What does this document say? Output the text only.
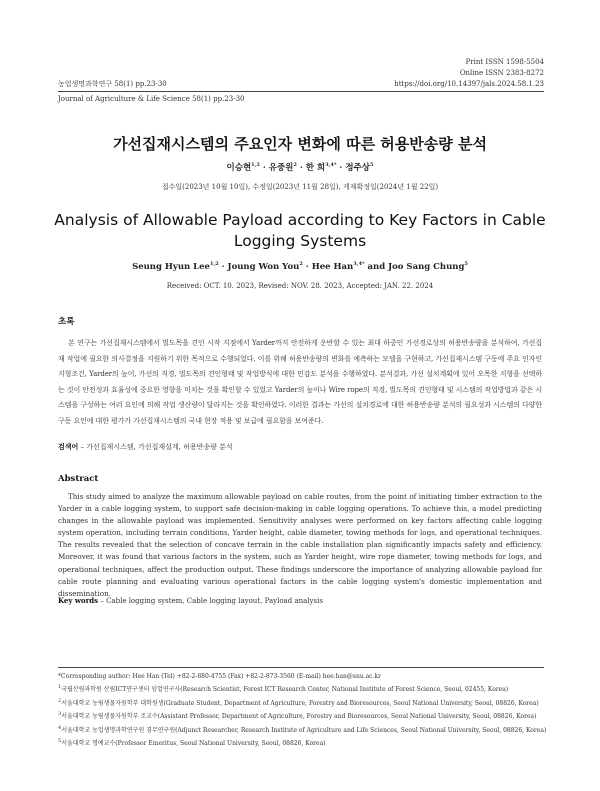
Print ISSN 1598-5504
Online ISSN 2383-8272
농업생명과학연구 58(1) pp.23-30	https://doi.org/10.14397/jals.2024.58.1.23
Journal of Agriculture & Life Science 58(1) pp.23-30
가선집재시스템의 주요인자 변화에 따른 허용반송량 분석
이승현$^{1,2}$ · 유중원$^2$ · 한 희$^{3,4*}$ · 정주상$^5$
접수일(2023년 10월 10일), 수정일(2023년 11월 28일), 게재확정일(2024년 1월 22일)
Analysis of Allowable Payload according to Key Factors in Cable Logging Systems
Seung Hyun Lee$^{1,2}$ · Joung Won You$^2$ · Hee Han$^{3,4*}$ and Joo Sang Chung$^5$
Received: OCT. 10. 2023, Revised: NOV. 28. 2023, Accepted: JAN. 22. 2024
초록
본 연구는 가선집재시스템에서 벌도목을 견인 시작 지점에서 Yarder까지 안전하게 운반할 수 있는 최대 하중인 가선경로상의 허용반송량을 분석하여, 가선집재 작업에 필요한 의사결정을 지원하기 위한 목적으로 수행되었다. 이를 위해 허용반송량의 변화를 예측하는 모델을 구현하고, 가선집재시스템 구동에 주요 인자인 지형조건, Yarder의 높이, 가선의 직경, 벌도목의 견인형태 및 작업방식에 대한 민감도 분석을 수행하였다. 분석결과, 가선 설치계획에 있어 오목한 지형을 선택하는 것이 안전성과 효율성에 중요한 영향을 미치는 것을 확인할 수 있었고 Yarder의 높이나 Wire rope의 직경, 벌도목의 견인형태 및 시스템의 작업방법과 같은 시스템을 구성하는 여러 요인에 의해 작업 생산량이 달라지는 것을 확인하였다. 이러한 결과는 가선의 설치경로에 대한 허용반송량 분석의 필요성과 시스템의 다양한 구동 요인에 대한 평가가 가선집재시스템의 국내 현장 적용 및 보급에 필요함을 보여준다.
검색어 – 가선집재시스템, 가선집재설계, 허용반송량 분석
Abstract
This study aimed to analyze the maximum allowable payload on cable routes, from the point of initiating timber extraction to the Yarder in a cable logging system, to support safe decision-making in cable logging operations. To achieve this, a model predicting changes in the allowable payload was implemented. Sensitivity analyses were performed on key factors affecting cable logging system operation, including terrain conditions, Yarder height, cable diameter, towing methods for logs, and operational techniques. The results revealed that the selection of concave terrain in the cable installation plan significantly impacts safety and efficiency. Moreover, it was found that various factors in the system, such as Yarder height, wire rope diameter, towing methods for logs, and operational techniques, affect the production output. These findings underscore the importance of analyzing allowable payload for cable route planning and evaluating various operational factors in the cable logging system's domestic implementation and dissemination.
Key words – Cable logging system, Cable logging layout, Payload analysis
*Corresponding author: Hee Han (Tel) +82-2-880-4755 (Fax) +82-2-873-3560 (E-mail) hee.han@snu.ac.kr
$^1$국립산림과학원 산림ICT연구센터 임업연구사(Research Scientist, Forest ICT Research Center, National Institute of Forest Science, Seoul, 02455, Korea)
$^2$서울대학교 농림생물자원학부 대학원생(Graduate Student, Department of Agriculture, Forestry and Bioresources, Seoul National University, Seoul, 08826, Korea)
$^3$서울대학교 농림생물자원학부 조교수(Assistant Professor, Department of Agriculture, Forestry and Bioresources, Seoul National University, Seoul, 08826, Korea)
$^4$서울대학교 농업생명과학연구원 겸무연구원(Adjunct Researcher, Research Institute of Agriculture and Life Sciences, Seoul National University, Seoul, 08826, Korea)
$^5$서울대학교 명예교수(Professor Emeritus, Seoul National University, Seoul, 08826, Korea)
